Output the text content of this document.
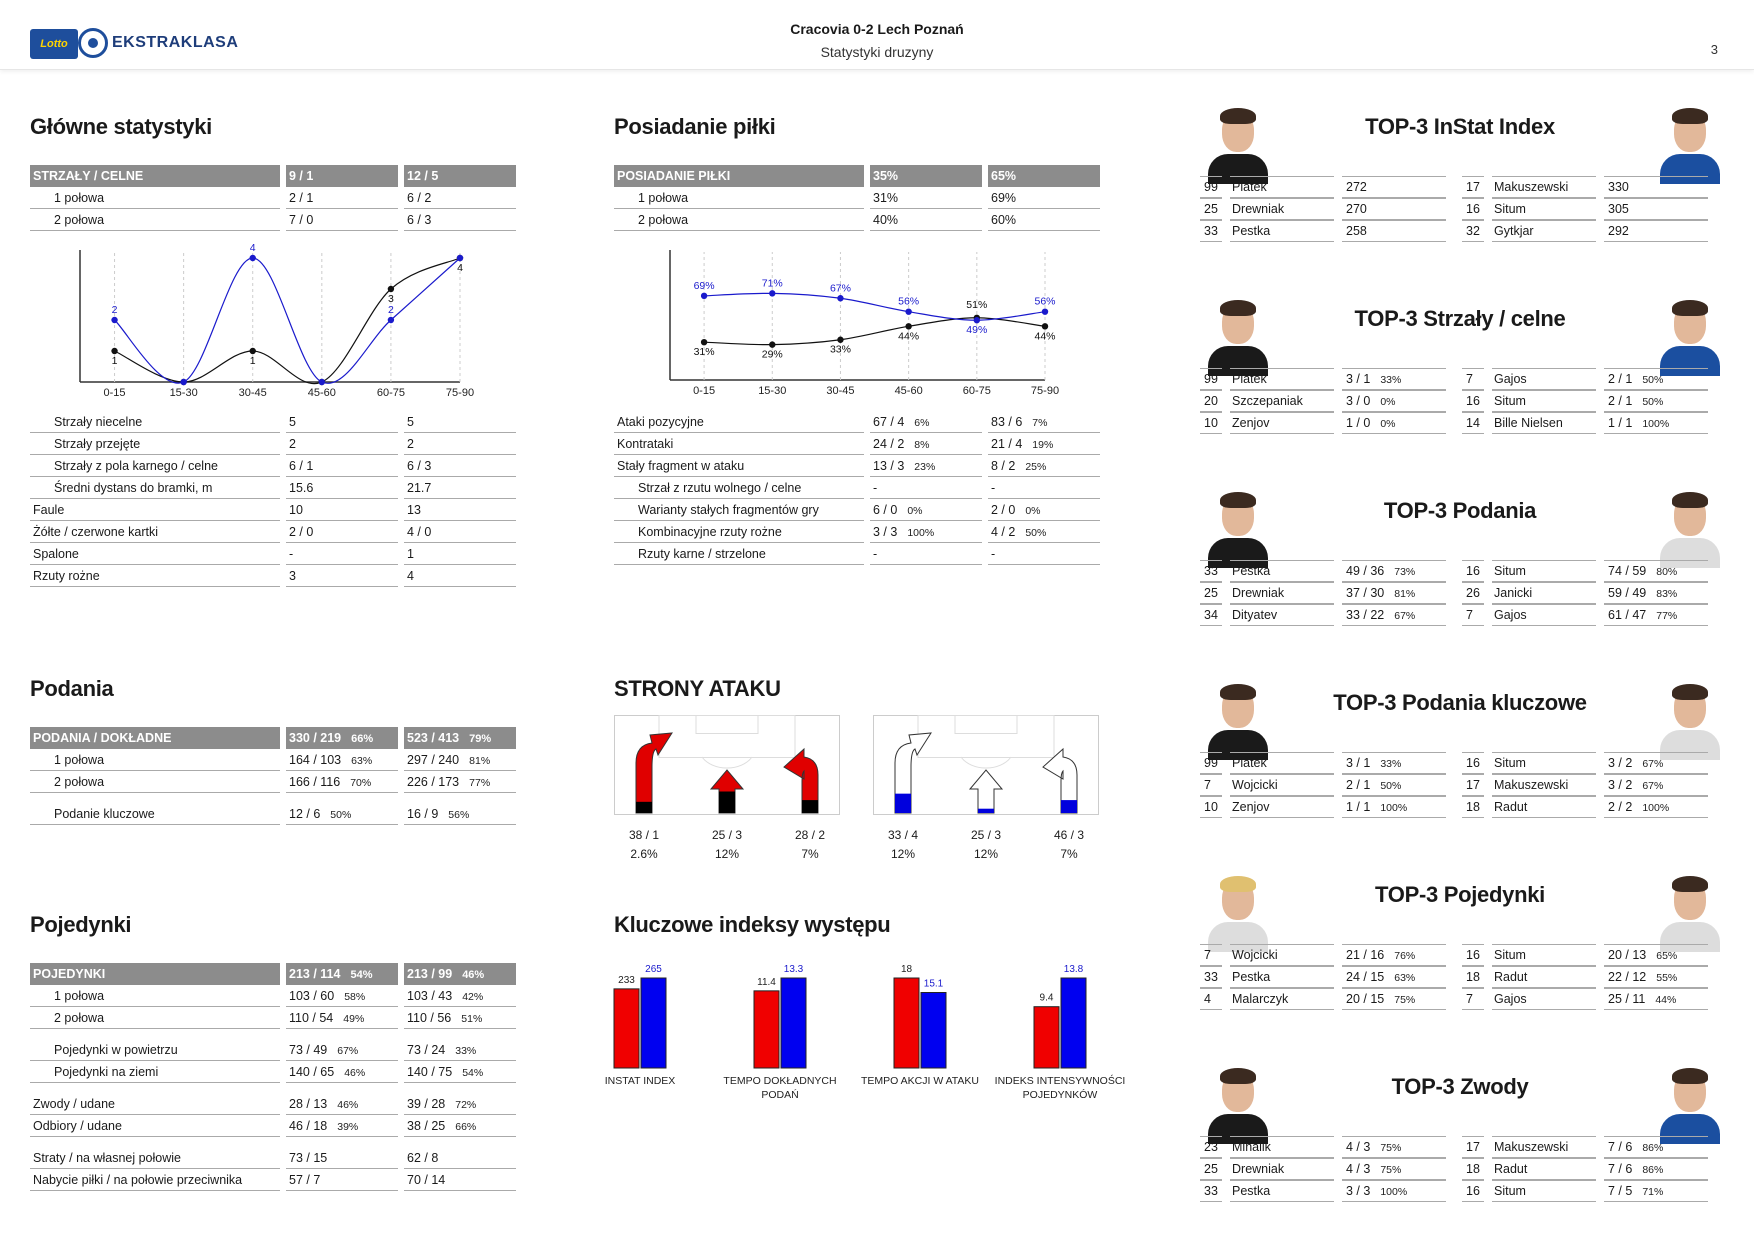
Lotto	EKSTRAKLASA
Cracovia 0-2 Lech Poznań
Statystyki druzyny	3
Główne statystyki
STRZAŁY / CELNE	9 / 1	12 / 5
1 połowa	2 / 1	6 / 2
2 połowa	7 / 0	6 / 3
0-15	15-30	30-45	45-60	60-75	75-90
1	1
3
4
2
4
2
Strzały niecelne	5	5
Strzały przejęte	2	2
Strzały z pola karnego / celne	6 / 1	6 / 3
Średni dystans do bramki, m	15.6	21.7
Faule	10	13
Żółte / czerwone kartki	2 / 0	4 / 0
Spalone	-	1
Rzuty rożne	3	4
Posiadanie piłki
POSIADANIE PIŁKI	35%	65%
1 połowa	31%	69%
2 połowa	40%	60%
0-15	15-30	30-45	45-60	60-75	75-90
31%	29%	33%
44%
51%
44%
69%	71%	67%
56%
49%
56%
Ataki pozycyjne	67 / 4 6%	83 / 6 7%
Kontrataki	24 / 2 8%	21 / 4 19%
Stały fragment w ataku	13 / 3 23%	8 / 2 25%
Strzał z rzutu wolnego / celne	-	-
Warianty stałych fragmentów gry	6 / 0 0%	2 / 0 0%
Kombinacyjne rzuty rożne	3 / 3 100%	4 / 2 50%
Rzuty karne / strzelone	-	-
Podania
PODANIA / DOKŁADNE	330 / 219 66%	523 / 413 79%
1 połowa	164 / 103 63%	297 / 240 81%
2 połowa	166 / 116 70%	226 / 173 77%

Podanie kluczowe	12 / 6 50%	16 / 9 56%
Pojedynki
POJEDYNKI	213 / 114 54%	213 / 99 46%
1 połowa	103 / 60 58%	103 / 43 42%
2 połowa	110 / 54 49%	110 / 56 51%

Pojedynki w powietrzu	73 / 49 67%	73 / 24 33%
Pojedynki na ziemi	140 / 65 46%	140 / 75 54%

Zwody / udane	28 / 13 46%	39 / 28 72%
Odbiory / udane	46 / 18 39%	38 / 25 66%

Straty / na własnej połowie	73 / 15	62 / 8
Nabycie piłki / na połowie przeciwnika	57 / 7	70 / 14
STRONY ATAKU
38 / 1
2.6%
25 / 3
12%
28 / 2
7%
33 / 4
12%
25 / 3
12%
46 / 3
7%
Kluczowe indeksy występu
233
265
INSTAT INDEX
11.4
13.3
TEMPO DOKŁADNYCH
PODAŃ
18
15.1
TEMPO AKCJI W ATAKU
9.4
13.8
INDEKS INTENSYWNOŚCI
POJEDYNKÓW
TOP-3 InStat Index
99	Piatek	272
25	Drewniak	270
33	Pestka	258
17	Makuszewski	330
16	Situm	305
32	Gytkjar	292
TOP-3 Strzały / celne
99	Piatek	3 / 1 33%
20	Szczepaniak	3 / 0 0%
10	Zenjov	1 / 0 0%
7	Gajos	2 / 1 50%
16	Situm	2 / 1 50%
14	Bille Nielsen	1 / 1 100%
TOP-3 Podania
33	Pestka	49 / 36 73%
25	Drewniak	37 / 30 81%
34	Dityatev	33 / 22 67%
16	Situm	74 / 59 80%
26	Janicki	59 / 49 83%
7	Gajos	61 / 47 77%
TOP-3 Podania kluczowe
99	Piatek	3 / 1 33%
7	Wojcicki	2 / 1 50%
10	Zenjov	1 / 1 100%
16	Situm	3 / 2 67%
17	Makuszewski	3 / 2 67%
18	Radut	2 / 2 100%
TOP-3 Pojedynki
7	Wojcicki	21 / 16 76%
33	Pestka	24 / 15 63%
4	Malarczyk	20 / 15 75%
16	Situm	20 / 13 65%
18	Radut	22 / 12 55%
7	Gajos	25 / 11 44%
TOP-3 Zwody
23	Mihalik	4 / 3 75%
25	Drewniak	4 / 3 75%
33	Pestka	3 / 3 100%
17	Makuszewski	7 / 6 86%
18	Radut	7 / 6 86%
16	Situm	7 / 5 71%
